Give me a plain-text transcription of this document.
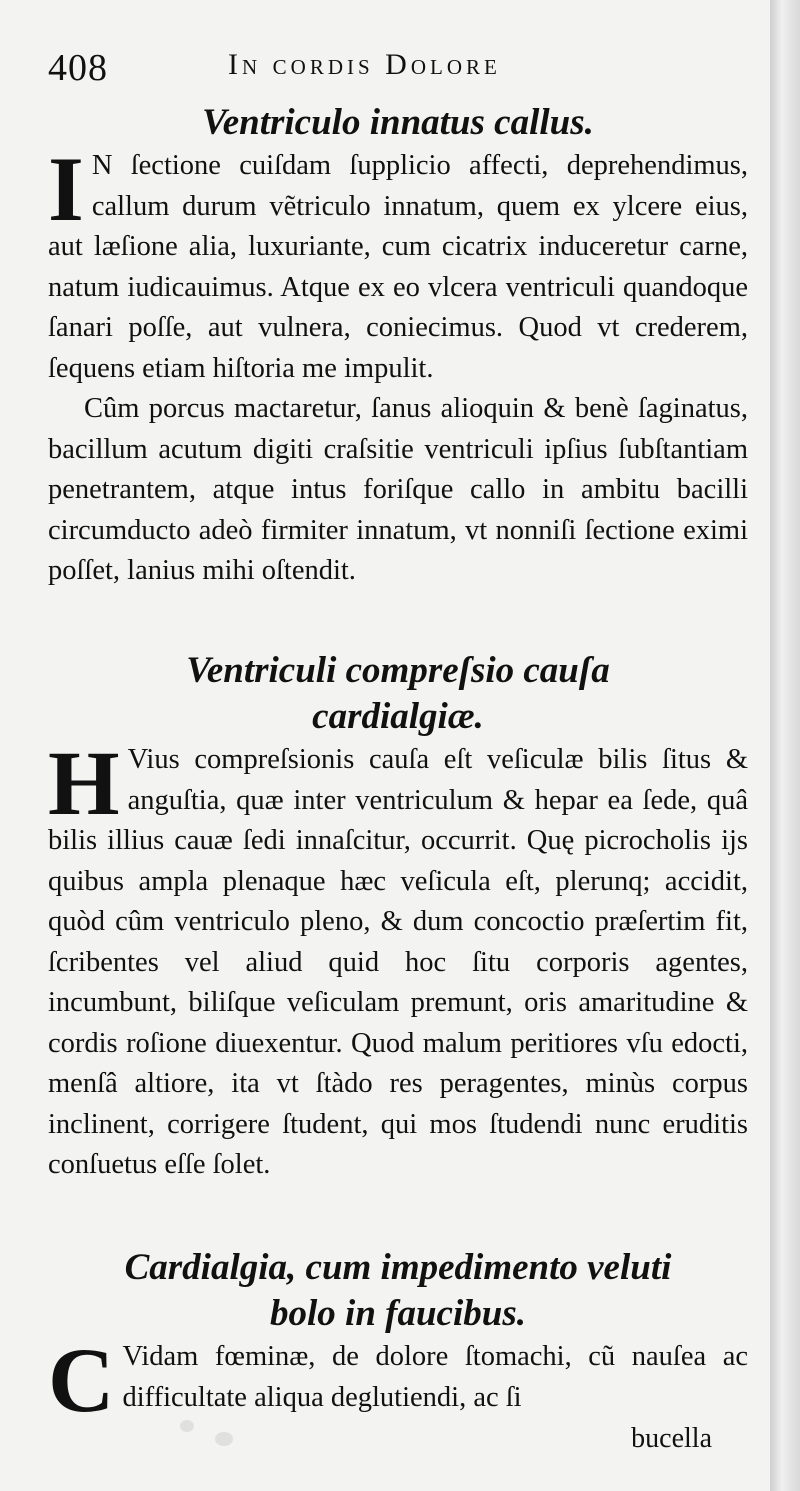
408	In cordis Dolore
Ventriculo innatus callus.

I N ſectione cuiſdam ſupplicio affecti, deprehendimus, callum durum vẽtriculo innatum, quem ex ylcere eius, aut læſione alia, luxuriante, cum cicatrix induceretur carne, natum iudicauimus. Atque ex eo vlcera ventriculi quandoque ſanari poſſe, aut vulnera, coniecimus. Quod vt crederem, ſequens etiam hiſtoria me impulit.

Cûm porcus mactaretur, ſanus alioquin & benè ſaginatus, bacillum acutum digiti craſsitie ventriculi ipſius ſubſtantiam penetrantem, atque intus foriſque callo in ambitu bacilli circumducto adeò firmiter innatum, vt nonniſi ſectione eximi poſſet, lanius mihi oſtendit.

Ventriculi compreſsio cauſa cardialgiæ.

H Vius compreſsionis cauſa eſt veſiculæ bilis ſitus & anguſtia, quæ inter ventriculum & hepar ea ſede, quâ bilis illius cauæ ſedi innaſcitur, occurrit. Quę picrocholis ijs quibus ampla plenaque hæc veſicula eſt, plerunq; accidit, quòd cûm ventriculo pleno, & dum concoctio præſertim fit, ſcribentes vel aliud quid hoc ſitu corporis agentes, incumbunt, biliſque veſiculam premunt, oris amaritudine & cordis roſione diuexentur. Quod malum peritiores vſu edocti, menſâ altiore, ita vt ſtàdo res peragentes, minùs corpus inclinent, corrigere ſtudent, qui mos ſtudendi nunc eruditis conſuetus eſſe ſolet.

Cardialgia, cum impedimento veluti bolo in faucibus.

C Vidam fœminæ, de dolore ſtomachi, cũ nauſea ac difficultate aliqua deglutiendi, ac ſi

bucella
